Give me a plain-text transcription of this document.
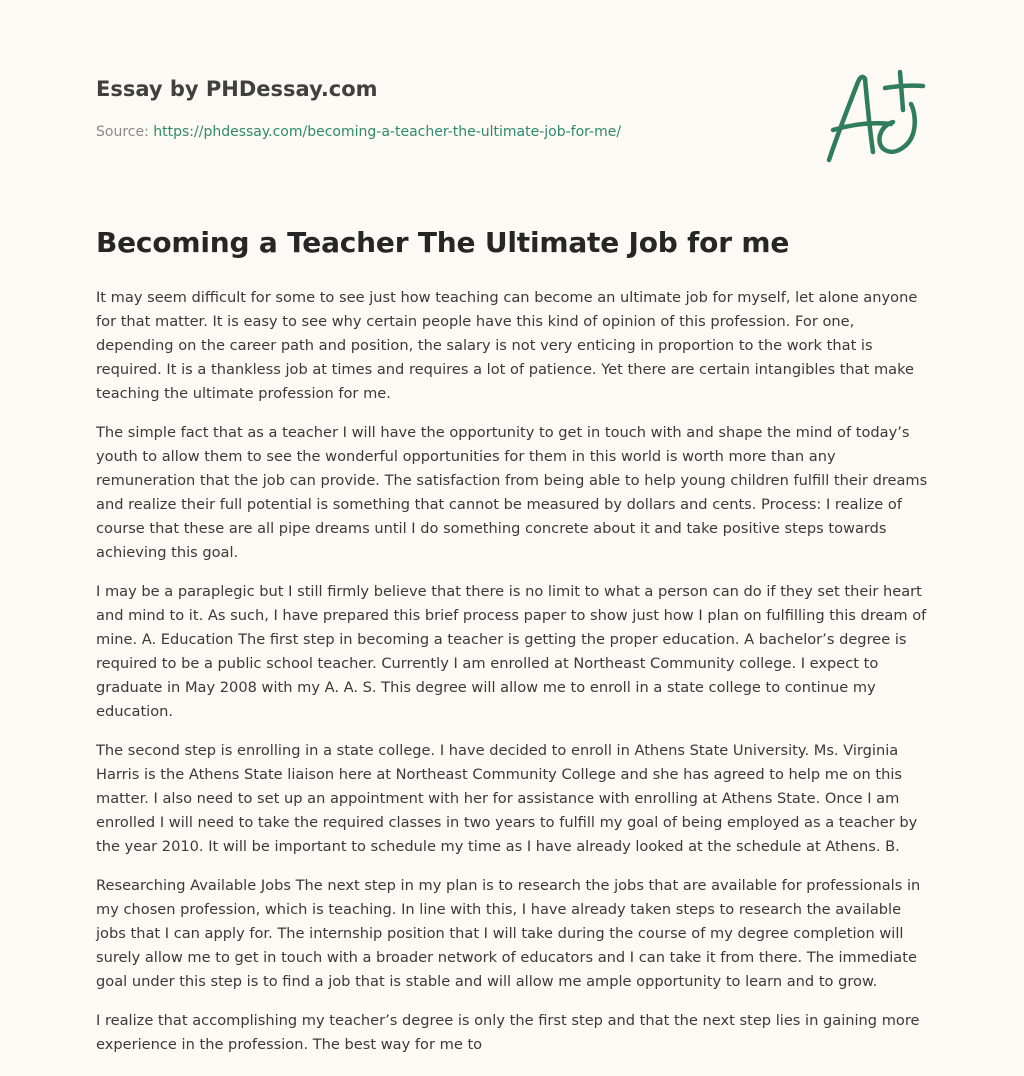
Essay by PHDessay.com
Source: https://phdessay.com/becoming-a-teacher-the-ultimate-job-for-me/
Becoming a Teacher The Ultimate Job for me

It may seem difficult for some to see just how teaching can become an ultimate job for myself, let alone anyone for that matter. It is easy to see why certain people have this kind of opinion of this profession. For one, depending on the career path and position, the salary is not very enticing in proportion to the work that is required. It is a thankless job at times and requires a lot of patience. Yet there are certain intangibles that make teaching the ultimate profession for me.

The simple fact that as a teacher I will have the opportunity to get in touch with and shape the mind of today’s youth to allow them to see the wonderful opportunities for them in this world is worth more than any remuneration that the job can provide. The satisfaction from being able to help young children fulfill their dreams and realize their full potential is something that cannot be measured by dollars and cents. Process: I realize of course that these are all pipe dreams until I do something concrete about it and take positive steps towards achieving this goal.

I may be a paraplegic but I still firmly believe that there is no limit to what a person can do if they set their heart and mind to it. As such, I have prepared this brief process paper to show just how I plan on fulfilling this dream of mine. A. Education The first step in becoming a teacher is getting the proper education. A bachelor’s degree is required to be a public school teacher. Currently I am enrolled at Northeast Community college. I expect to graduate in May 2008 with my A. A. S. This degree will allow me to enroll in a state college to continue my education.

The second step is enrolling in a state college. I have decided to enroll in Athens State University. Ms. Virginia Harris is the Athens State liaison here at Northeast Community College and she has agreed to help me on this matter. I also need to set up an appointment with her for assistance with enrolling at Athens State. Once I am enrolled I will need to take the required classes in two years to fulfill my goal of being employed as a teacher by the year 2010. It will be important to schedule my time as I have already looked at the schedule at Athens. B.

Researching Available Jobs The next step in my plan is to research the jobs that are available for professionals in my chosen profession, which is teaching. In line with this, I have already taken steps to research the available jobs that I can apply for. The internship position that I will take during the course of my degree completion will surely allow me to get in touch with a broader network of educators and I can take it from there. The immediate goal under this step is to find a job that is stable and will allow me ample opportunity to learn and to grow.

I realize that accomplishing my teacher’s degree is only the first step and that the next step lies in gaining more experience in the profession. The best way for me to
